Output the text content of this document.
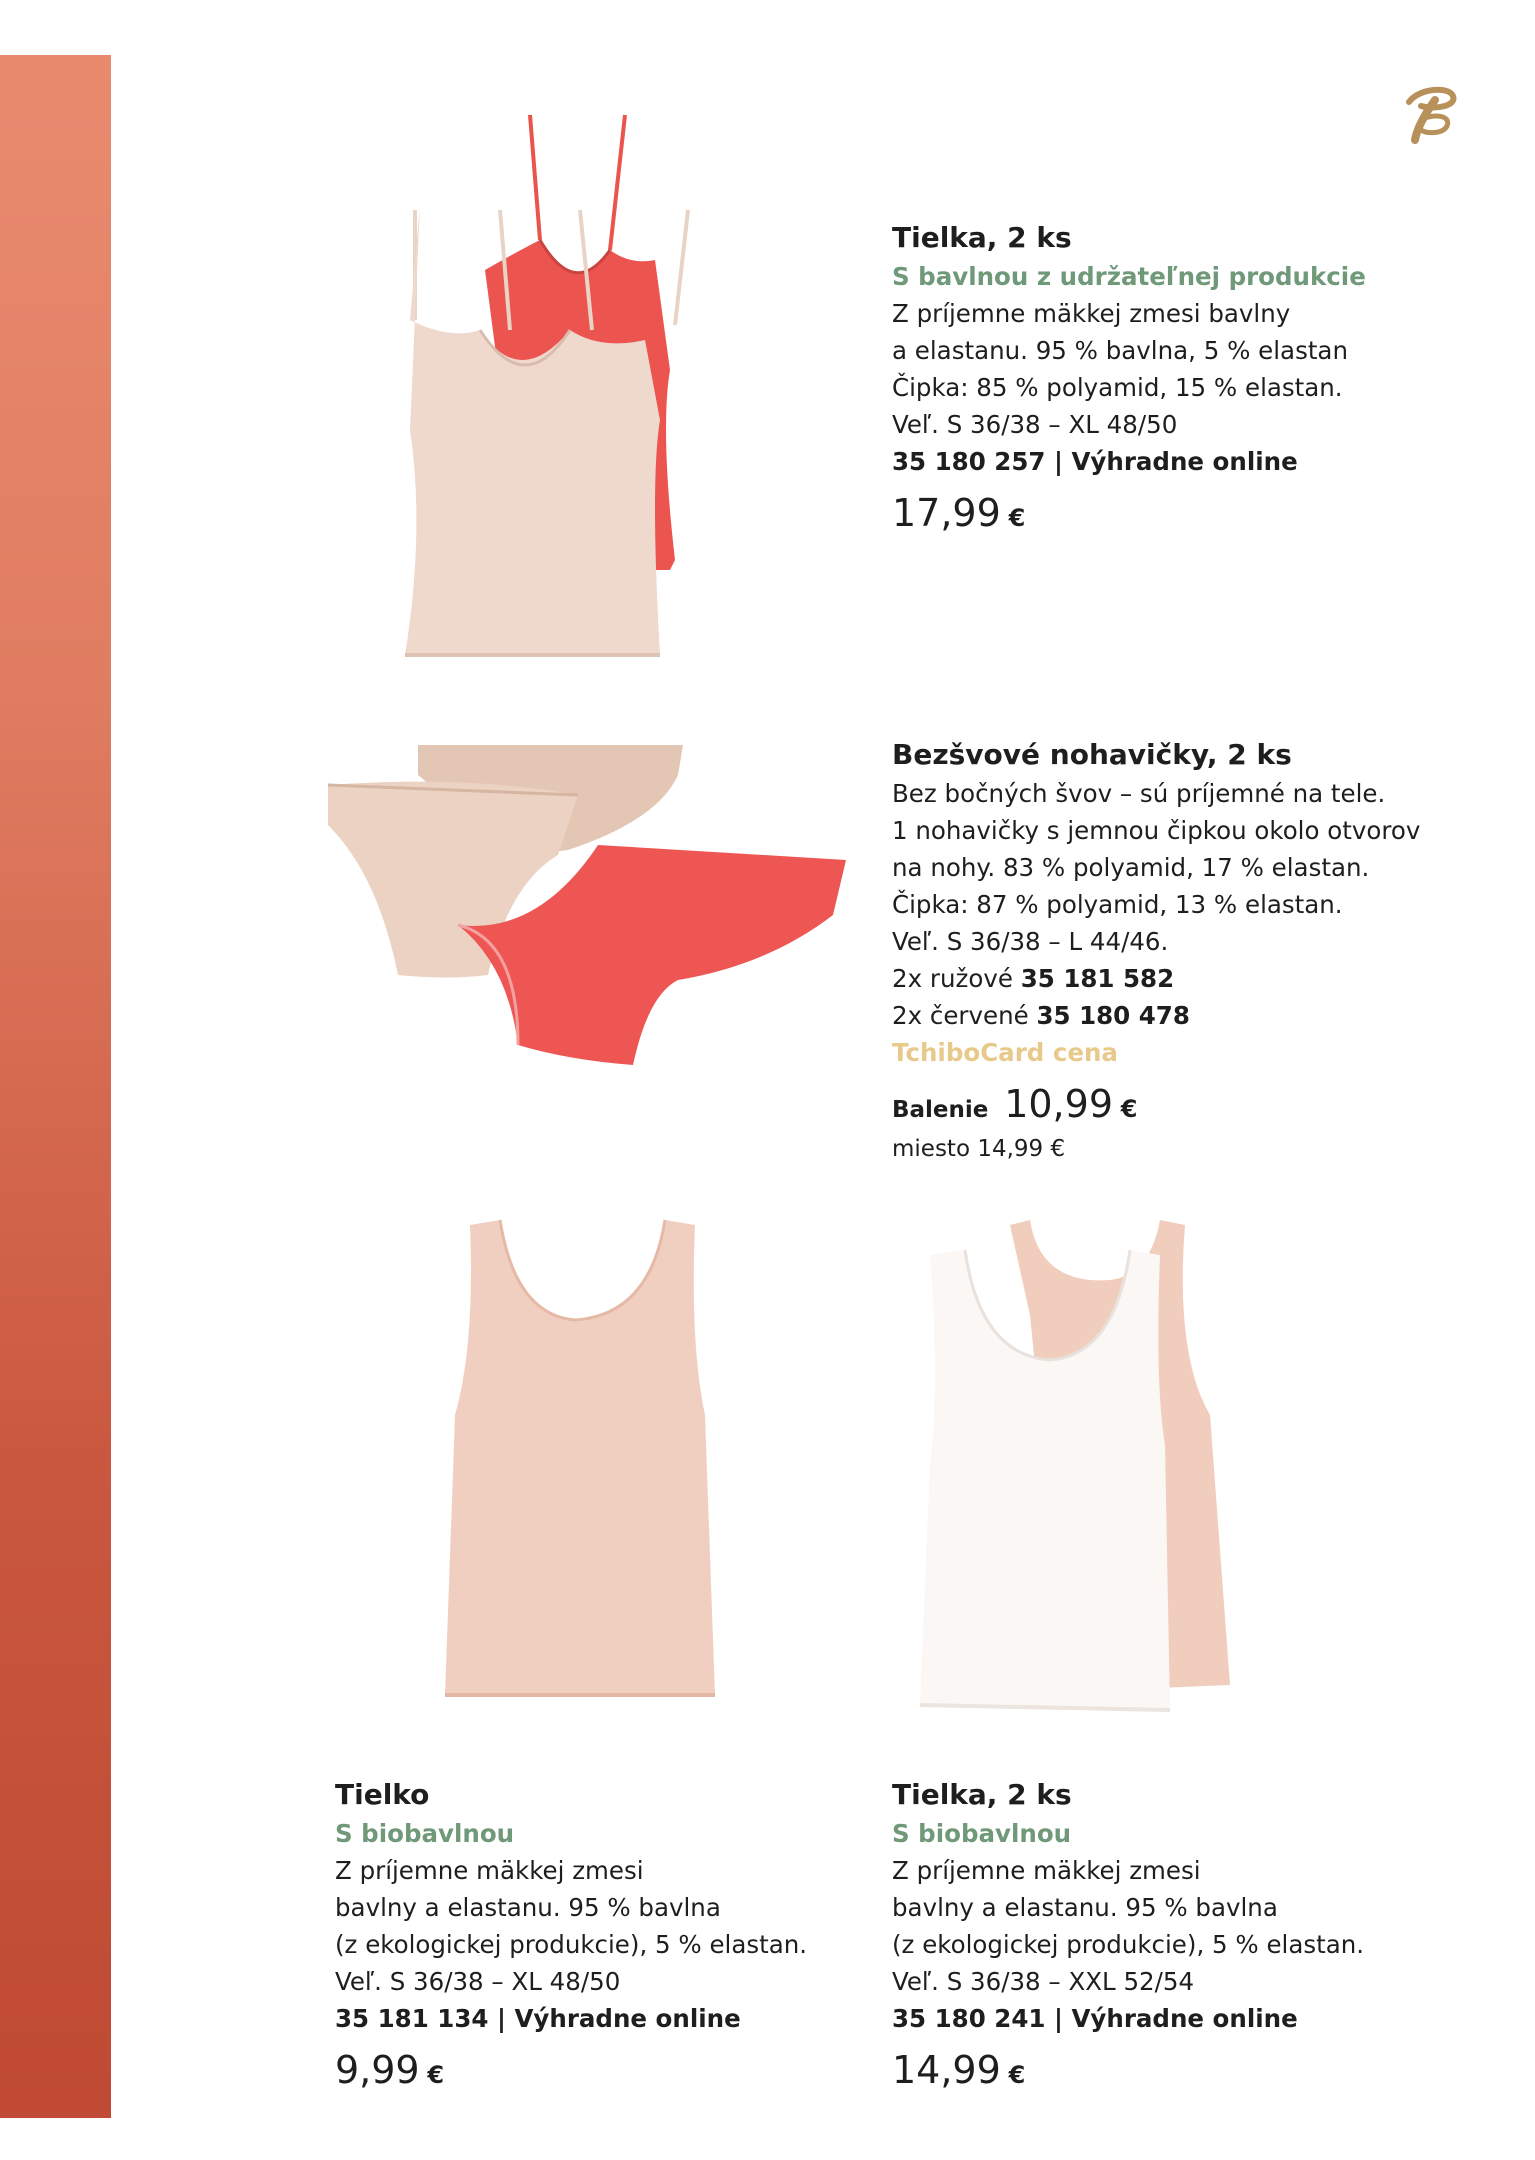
Tielka, 2 ks
S bavlnou z udržateľnej produkcie
Z príjemne mäkkej zmesi bavlny
a elastanu. 95 % bavlna, 5 % elastan
Čipka: 85 % polyamid, 15 % elastan.
Veľ. S 36/38 – XL 48/50
35 180 257 | Výhradne online
17,99 €
Bezšvové nohavičky, 2 ks
Bez bočných švov – sú príjemné na tele.
1 nohavičky s jemnou čipkou okolo otvorov
na nohy. 83 % polyamid, 17 % elastan.
Čipka: 87 % polyamid, 13 % elastan.
Veľ. S 36/38 – L 44/46.
2x ružové 35 181 582
2x červené 35 180 478
TchiboCard cena
Balenie 10,99 €
miesto 14,99 €
Tielko
S biobavlnou
Z príjemne mäkkej zmesi
bavlny a elastanu. 95 % bavlna
(z ekologickej produkcie), 5 % elastan.
Veľ. S 36/38 – XL 48/50
35 181 134 | Výhradne online
9,99 €
Tielka, 2 ks
S biobavlnou
Z príjemne mäkkej zmesi
bavlny a elastanu. 95 % bavlna
(z ekologickej produkcie), 5 % elastan.
Veľ. S 36/38 – XXL 52/54
35 180 241 | Výhradne online
14,99 €
